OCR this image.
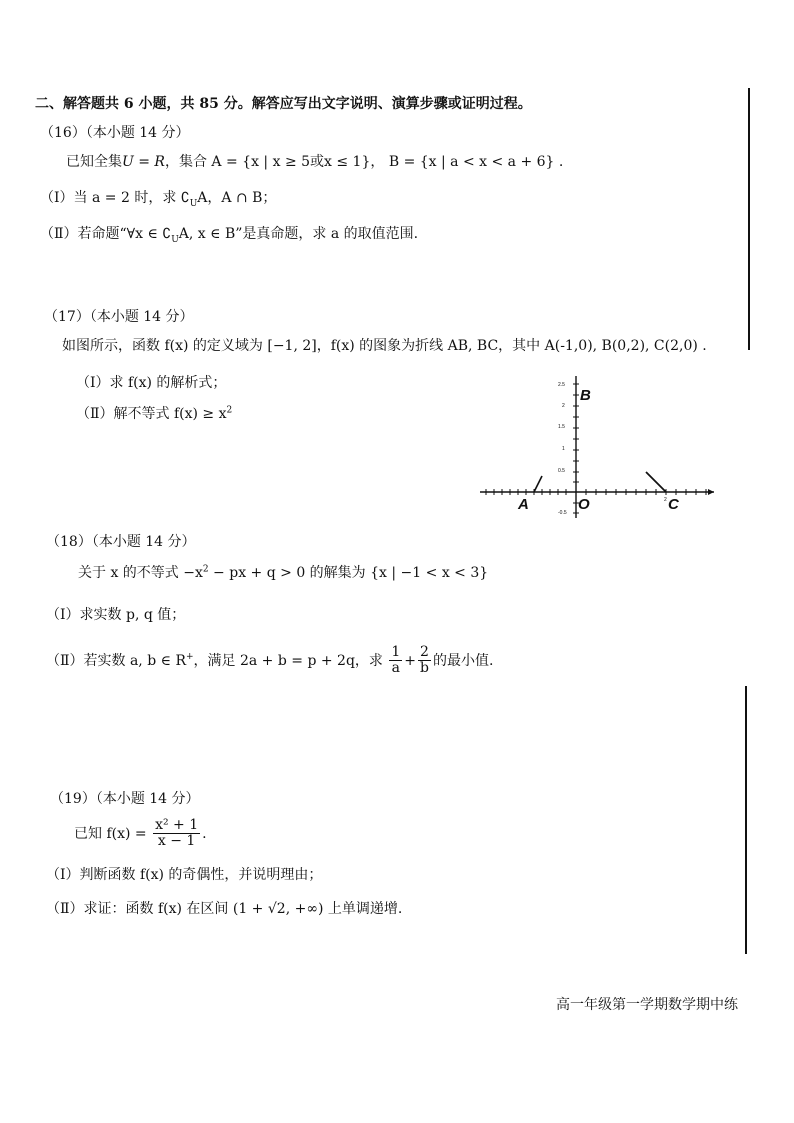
二、解答题共 6 小题，共 85 分。解答应写出文字说明、演算步骤或证明过程。
（16）（本小题 14 分）
已知全集U = R，集合 A = {x | x ≥ 5或x ≤ 1}， B = {x | a < x < a + 6} .
（Ⅰ）当 a = 2 时，求 $∁_UA$，A ∩ B；
（Ⅱ）若命题“∀x ∈ $∁_UA$, x ∈ B”是真命题，求 a 的取值范围.
（17）（本小题 14 分）
如图所示，函数 f(x) 的定义域为 [−1, 2]，f(x) 的图象为折线 AB, BC，其中 A(-1,0), B(0,2), C(2,0) .
（Ⅰ）求 f(x) 的解析式；
（Ⅱ）解不等式 $f(x) \ge x^2$
2.5
2
1.5
1
0.5
-0.5
2
A
B
O	C
（18）（本小题 14 分）
关于 x 的不等式 $-x^2$ − px + q > 0 的解集为 {x | −1 < x < 3}
（Ⅰ）求实数 p, q 值；
（Ⅱ）若实数 a, b ∈ R+，满足 2a + b = p + 2q，求 $\frac{1}{a} + \frac{2}{b}$ 的最小值.
（19）（本小题 14 分）
已知 $f(x) = \frac{\text{x² + 1}}{x - 1}$ .
（Ⅰ）判断函数 f(x) 的奇偶性，并说明理由；
（Ⅱ）求证：函数 f(x) 在区间 (1 + √2, +∞) 上单调递增.
高一年级第一学期数学期中练
